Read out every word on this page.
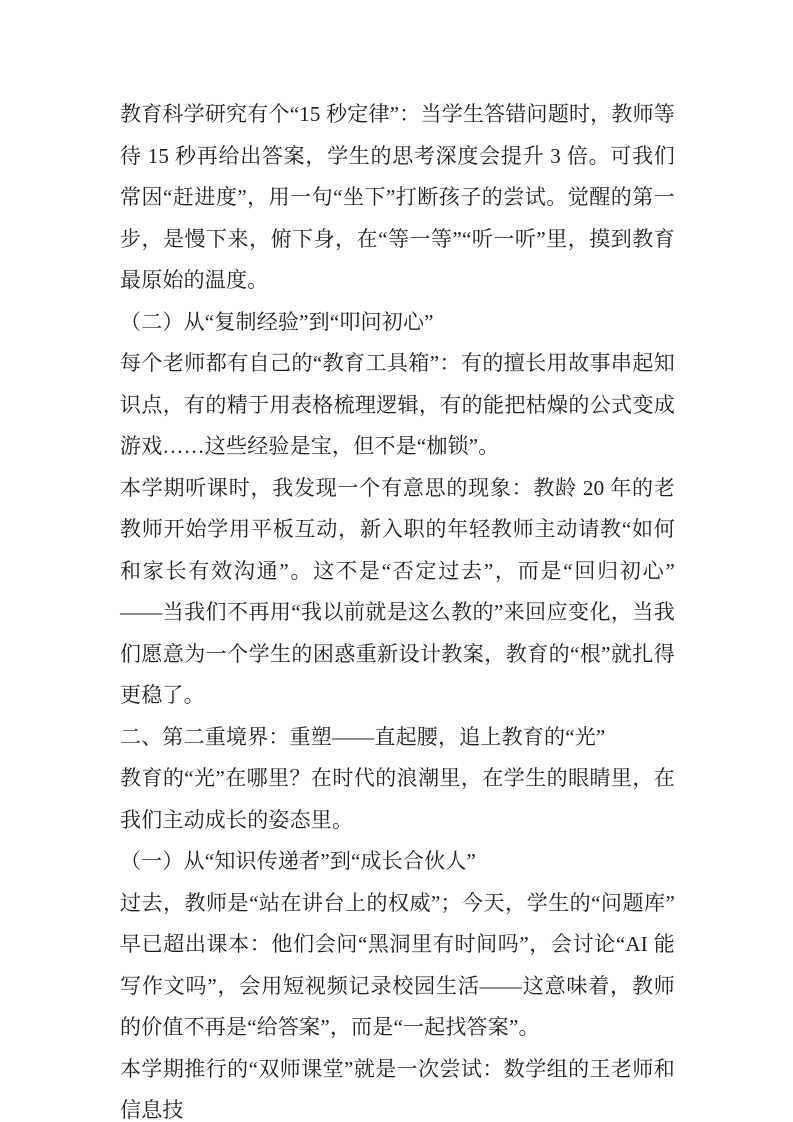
教育科学研究有个“15 秒定律”：当学生答错问题时，教师等待 15 秒再给出答案，学生的思考深度会提升 3 倍。可我们常因“赶进度”，用一句“坐下”打断孩子的尝试。觉醒的第一步，是慢下来，俯下身，在“等一等”“听一听”里，摸到教育最原始的温度。

（二）从“复制经验”到“叩问初心”

每个老师都有自己的“教育工具箱”：有的擅长用故事串起知识点，有的精于用表格梳理逻辑，有的能把枯燥的公式变成游戏……这些经验是宝，但不是“枷锁”。

本学期听课时，我发现一个有意思的现象：教龄 20 年的老教师开始学用平板互动，新入职的年轻教师主动请教“如何和家长有效沟通”。这不是“否定过去”，而是“回归初心”——当我们不再用“我以前就是这么教的”来回应变化，当我们愿意为一个学生的困惑重新设计教案，教育的“根”就扎得更稳了。

二、第二重境界：重塑——直起腰，追上教育的“光”

教育的“光”在哪里？在时代的浪潮里，在学生的眼睛里，在我们主动成长的姿态里。

（一）从“知识传递者”到“成长合伙人”

过去，教师是“站在讲台上的权威”；今天，学生的“问题库”早已超出课本：他们会问“黑洞里有时间吗”，会讨论“AI 能写作文吗”，会用短视频记录校园生活——这意味着，教师的价值不再是“给答案”，而是“一起找答案”。

本学期推行的“双师课堂”就是一次尝试：数学组的王老师和信息技
